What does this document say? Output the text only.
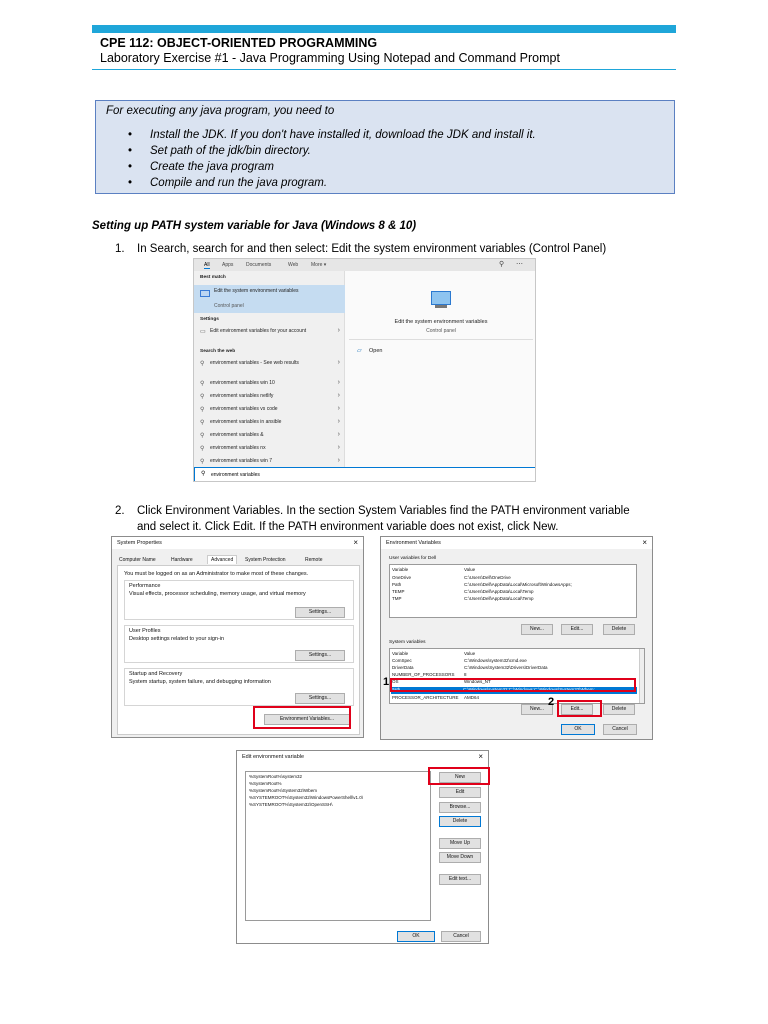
CPE 112: OBJECT-ORIENTED PROGRAMMING
Laboratory Exercise #1 - Java Programming Using Notepad and Command Prompt
For executing any java program, you need to
• Install the JDK. If you don't have installed it, download the JDK and install it.
• Set path of the jdk/bin directory.
• Create the java program
• Compile and run the java program.
Setting up PATH system variable for Java (Windows 8 & 10)
1. In Search, search for and then select: Edit the system environment variables (Control Panel)
All Apps	Documents	Web	More ▾	⚲ ⋯
Best match
Edit the system environment variables
Control panel
Settings
▭ Edit environment variables for your account	›
Search the web
⚲ environment variables - See web results	›
⚲ environment variables win 10	›
⚲ environment variables netlify	›
⚲ environment variables vs code	›
⚲ environment variables in ansible	›
⚲ environment variables &	›
⚲ environment variables nx	›
⚲ environment variables win 7	›
Edit the system environment variables
Control panel
▱ Open
⚲ environment variables
2. Click Environment Variables. In the section System Variables find the PATH environment variable
and select it. Click Edit. If the PATH environment variable does not exist, click New.
System Properties	×
Computer Name	Hardware	Advanced	System Protection	Remote
You must be logged on as an Administrator to make most of these changes.
Performance
Visual effects, processor scheduling, memory usage, and virtual memory
Settings...
User Profiles
Desktop settings related to your sign-in
Settings...
Startup and Recovery
System startup, system failure, and debugging information
Settings...
Environment Variables...
Environment Variables	×
User variables for Dell
Variable	Value
OneDrive	C:\Users\Dell\OneDrive
Path	C:\Users\Dell\AppData\Local\Microsoft\WindowsApps;
TEMP	C:\Users\Dell\AppData\Local\Temp
TMP	C:\Users\Dell\AppData\Local\Temp
New...	Edit...	Delete
System variables
Variable	Value
ComSpec	C:\Windows\system32\cmd.exe
DriverData	C:\Windows\System32\Drivers\DriverData
NUMBER_OF_PROCESSORS 8
OS	Windows_NT
Path	C:\Windows\system32;C:\Windows;C:\Windows\System32\Wbem;...
PROCESSOR_ARCHITECTURE AMD64
New...	Edit...	Delete
OK	Cancel
1
2
Edit environment variable	×
%SystemRoot%\system32
%SystemRoot%
%SystemRoot%\System32\Wbem
%SYSTEMROOT%\System32\WindowsPowerShell\v1.0\
%SYSTEMROOT%\System32\OpenSSH\
New
Edit
Browse...
Delete
Move Up
Move Down
Edit text...
OK	Cancel
